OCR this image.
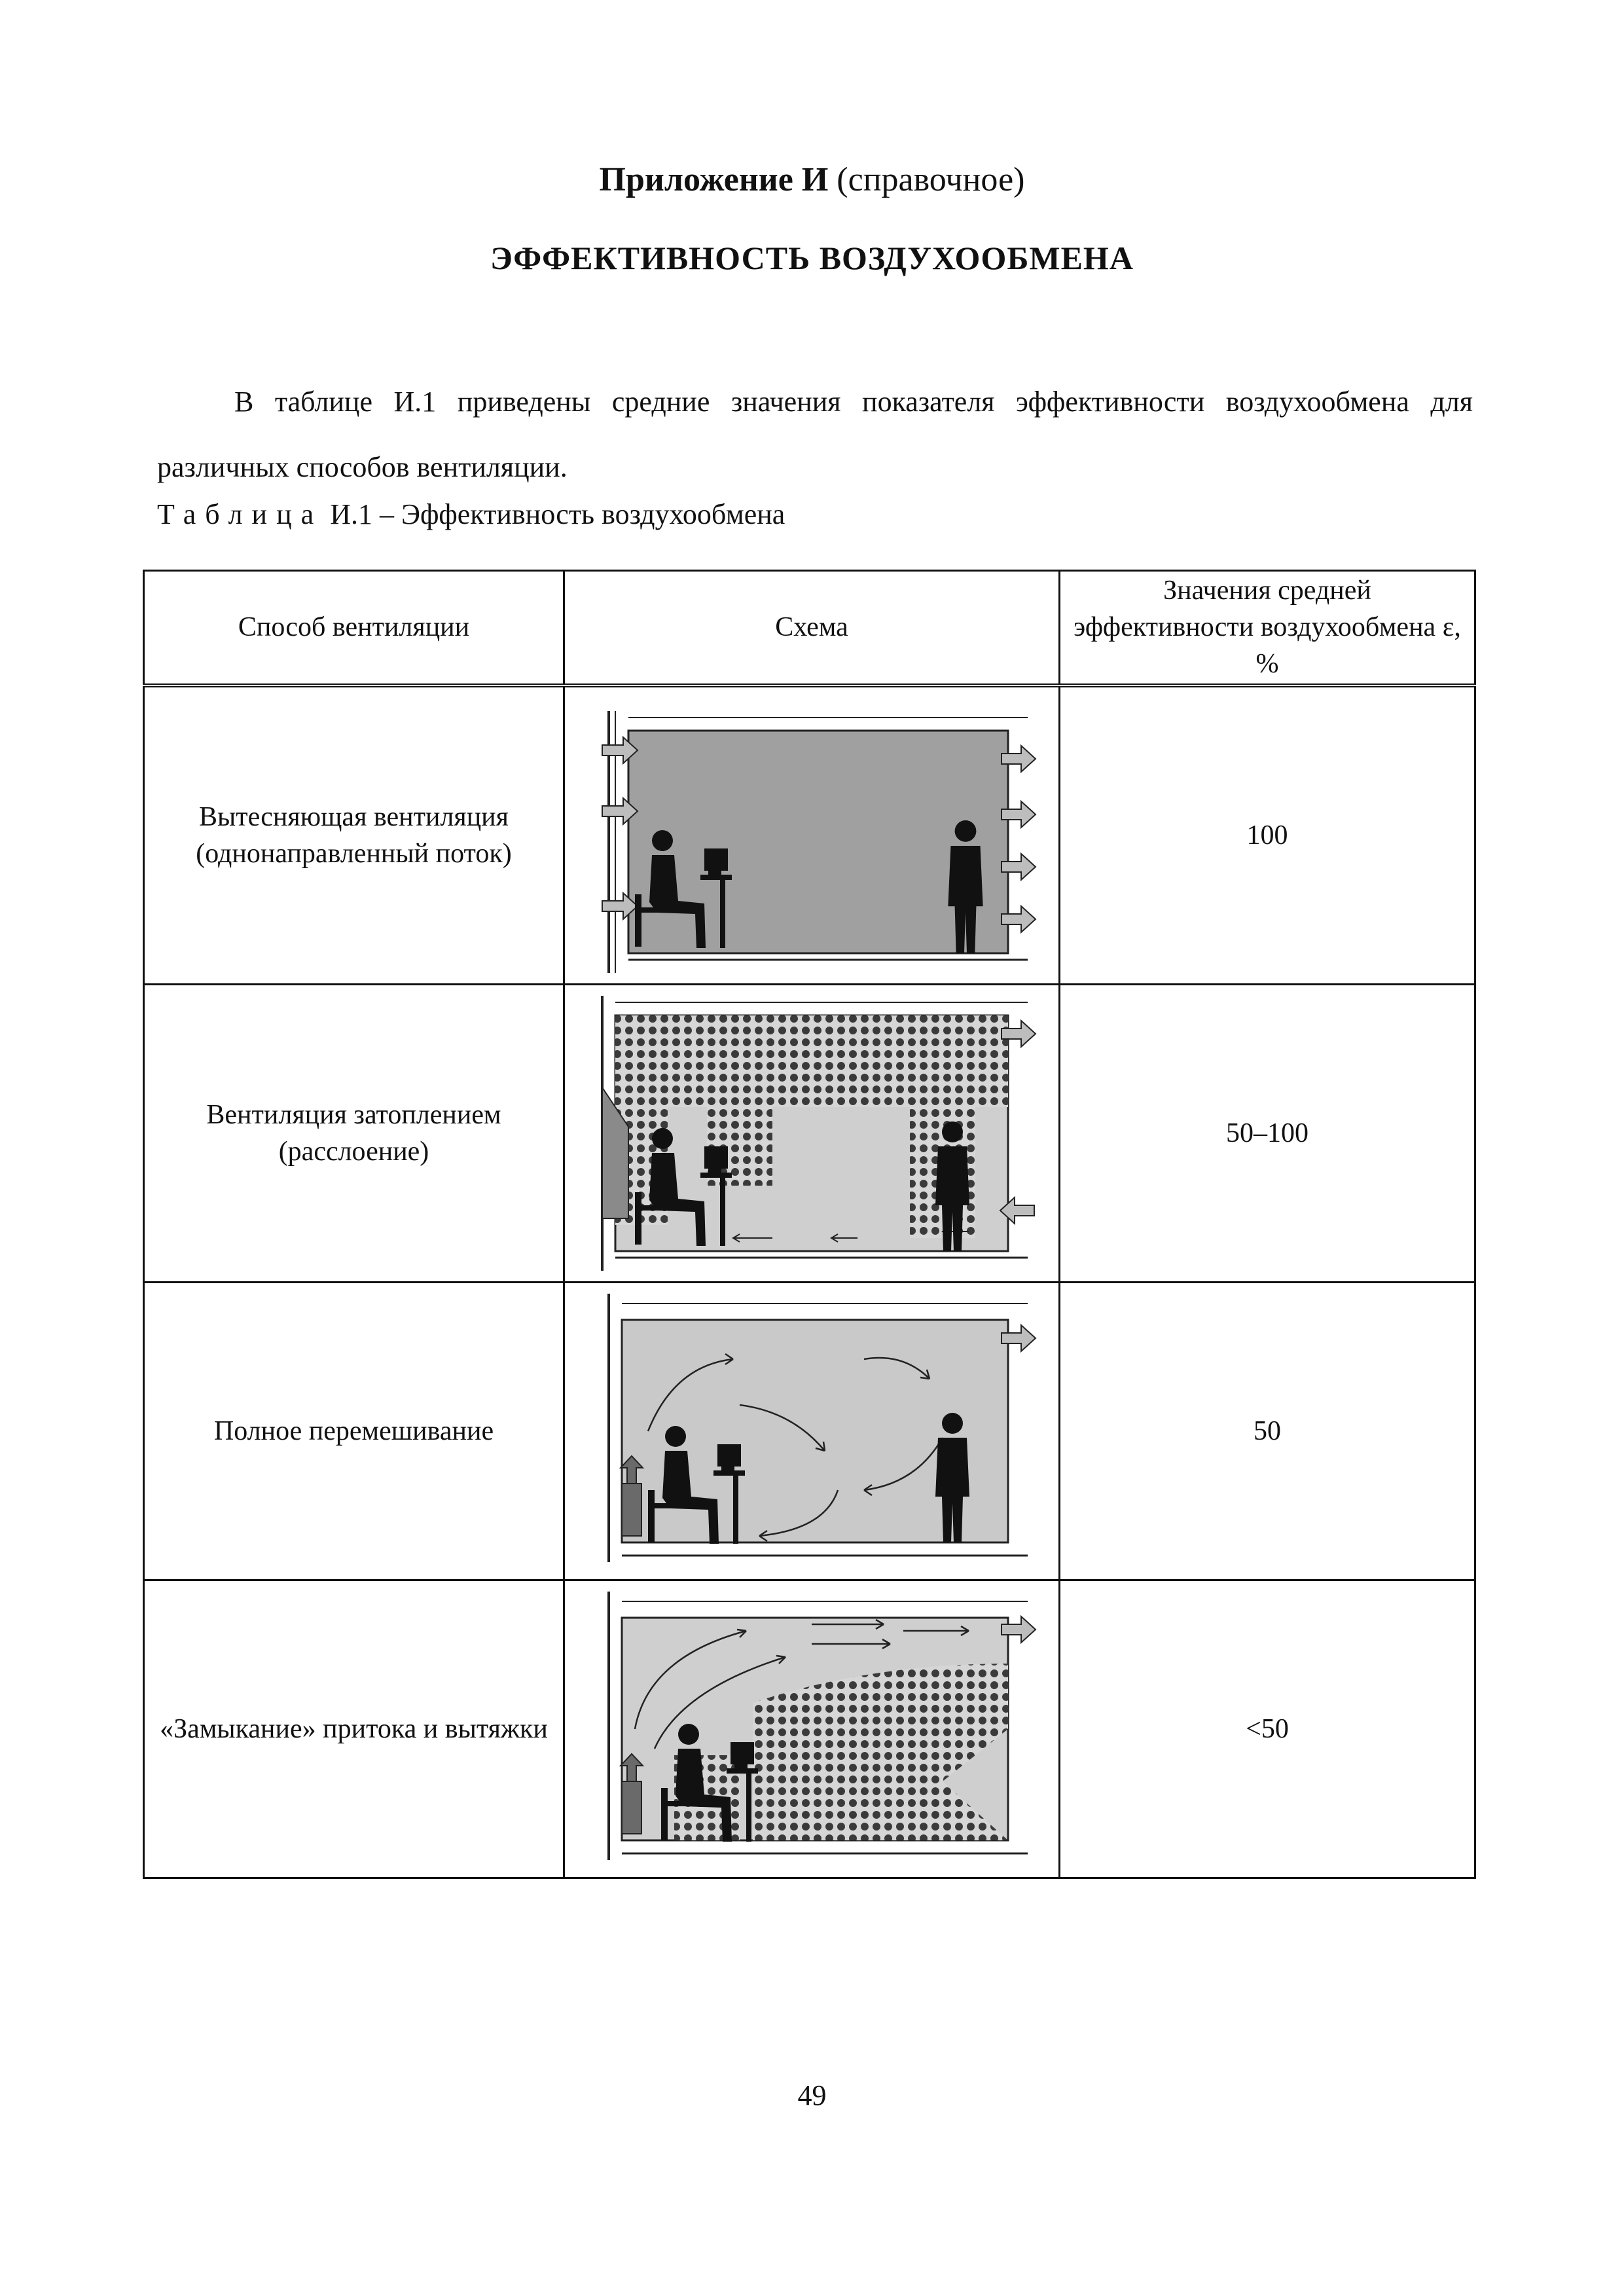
Приложение И (справочное)
ЭФФЕКТИВНОСТЬ ВОЗДУХООБМЕНА

В таблице И.1 приведены средние значения показателя эффективности воздухообмена для различных способов вентиляции.

Таблица И.1 – Эффективность воздухообмена
Способ вентиляции	Схема	Значения средней эффективности воздухообмена ε, %
Вытесняющая вентиляция (однонаправленный поток)		100
Вентиляция затоплением (расслоение)		50–100
Полное перемешивание		50
«Замыкание» притока и вытяжки		<50
49
